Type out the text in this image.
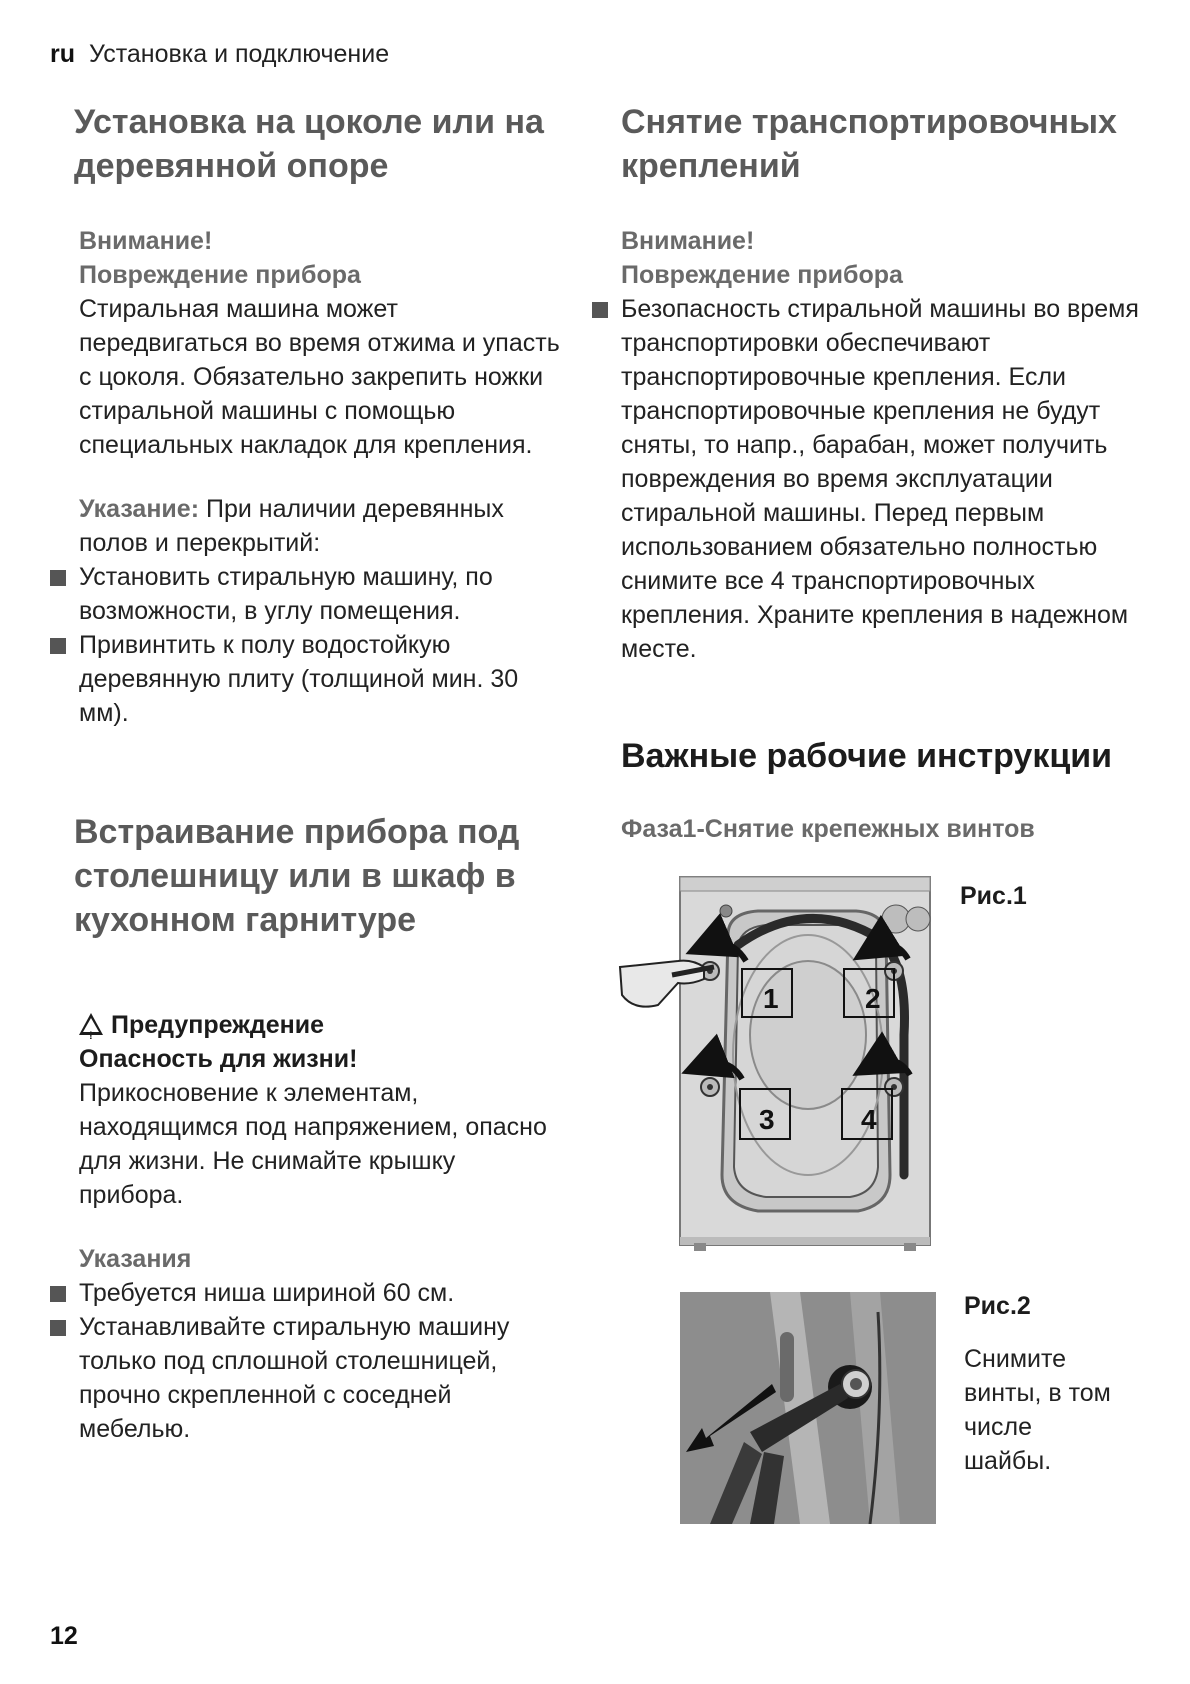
ru Установка и подключение
Установка на цоколе или на деревянной опоре
Внимание!
Повреждение прибора

Стиральная машина может передвигаться во время отжима и упасть с цоколя. Обязательно закрепить ножки стиральной машины с помощью специальных накладок для крепления.

Указание: При наличии деревянных полов и перекрытий:

Установить стиральную машину, по возможности, в углу помещения.
Привинтить к полу водостойкую деревянную плиту (толщиной мин. 30 мм).
Встраивание прибора под столешницу или в шкаф в кухонном гарнитуре
!Предупреждение
Опасность для жизни!

Прикосновение к элементам, находящимся под напряжением, опасно для жизни. Не снимайте крышку прибора.

Указания
Требуется ниша шириной 60 см.
Устанавливайте стиральную машину только под сплошной столешницей, прочно скрепленной с соседней мебелью.
Снятие транспортировочных креплений
Внимание!
Повреждение прибора
Безопасность стиральной машины во время транспортировки обеспечивают транспортировочные крепления. Если транспортировочные крепления не будут сняты, то напр., барабан, может получить повреждения во время эксплуатации стиральной машины. Перед первым использованием обязательно полностью снимите все 4 транспортировочных крепления. Храните крепления в надежном месте.
Важные рабочие инструкции
Фаза1-Снятие крепежных винтов
1	2
3	4
Рис.1
Рис.2
Снимите винты, в том числе шайбы.
12
